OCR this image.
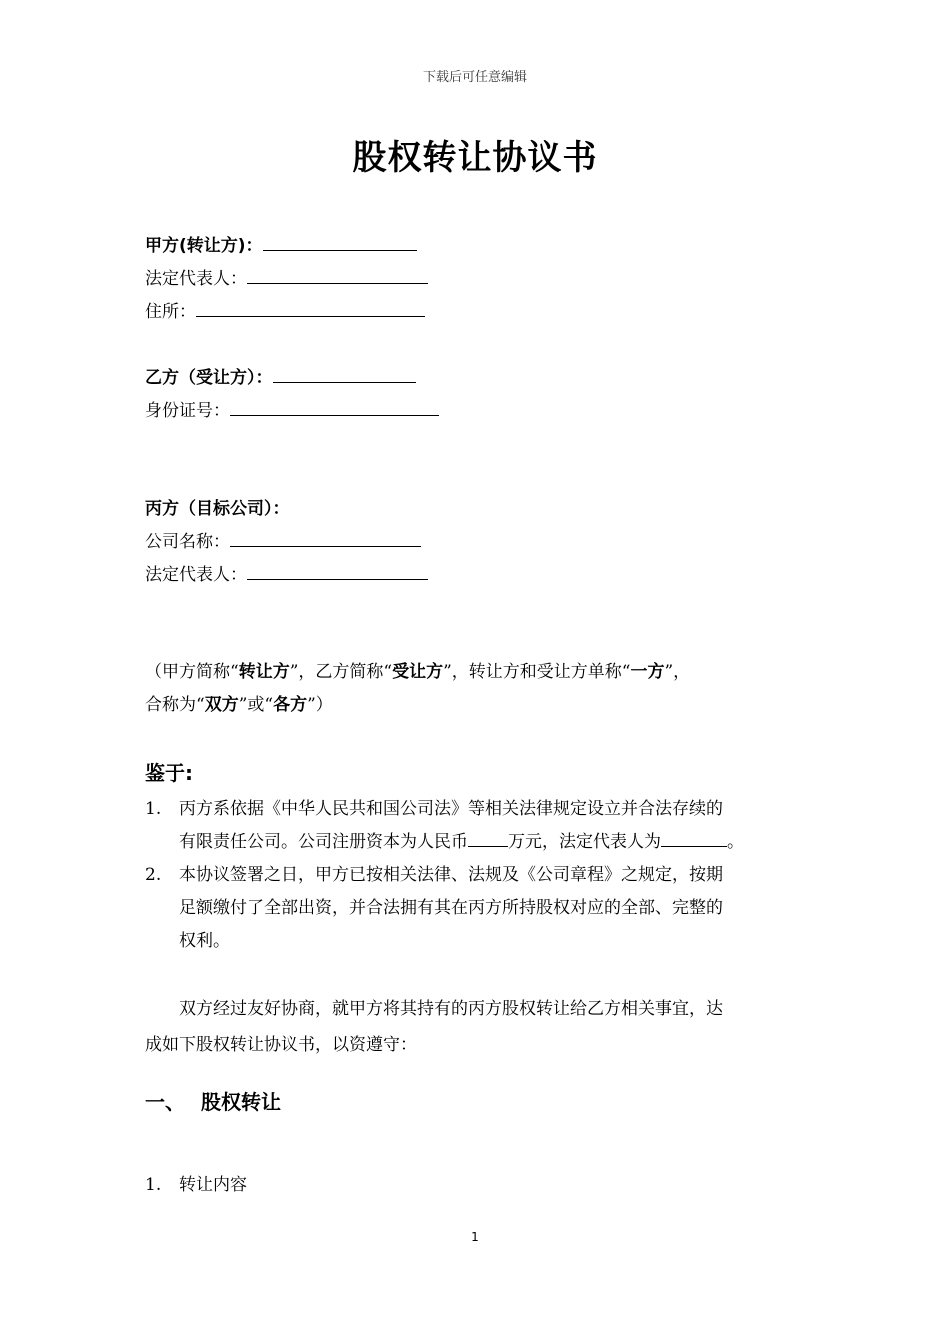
下载后可任意编辑
股权转让协议书
甲方(转让方)：
法定代表人：
住所：
乙方（受让方）：
身份证号：
丙方（目标公司）：
公司名称：
法定代表人：
（甲方简称“转让方”，乙方简称“受让方”，转让方和受让方单称“一方”，
合称为“双方”或“各方”）
鉴于:
1. 丙方系依据《中华人民共和国公司法》等相关法律规定设立并合法存续的
有限责任公司。公司注册资本为人民币 万元，法定代表人为	。
2. 本协议签署之日，甲方已按相关法律、法规及《公司章程》之规定，按期
足额缴付了全部出资，并合法拥有其在丙方所持股权对应的全部、完整的
权利。
双方经过友好协商，就甲方将其持有的丙方股权转让给乙方相关事宜，达
成如下股权转让协议书，以资遵守：
一、 股权转让
1. 转让内容
1
